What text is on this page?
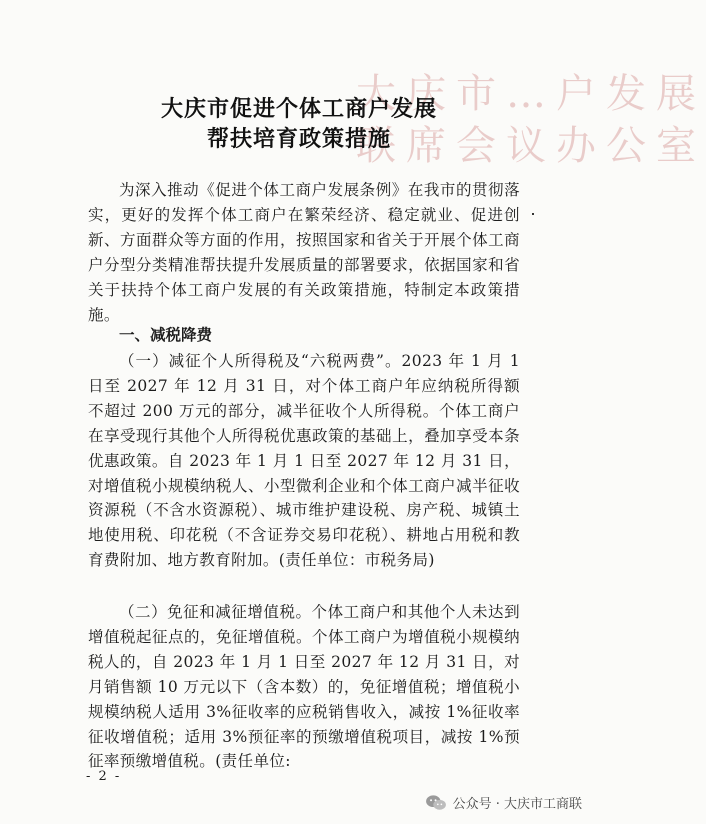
大庆市…户发展
联席会议办公室
大庆市促进个体工商户发展
帮扶培育政策措施

为深入推动《促进个体工商户发展条例》在我市的贯彻落实，更好的发挥个体工商户在繁荣经济、稳定就业、促进创新、方面群众等方面的作用，按照国家和省关于开展个体工商户分型分类精准帮扶提升发展质量的部署要求，依据国家和省关于扶持个体工商户发展的有关政策措施，特制定本政策措施。

一、减税降费

（一）减征个人所得税及“六税两费”。2023 年 1 月 1 日至 2027 年 12 月 31 日，对个体工商户年应纳税所得额不超过 200 万元的部分，减半征收个人所得税。个体工商户在享受现行其他个人所得税优惠政策的基础上，叠加享受本条优惠政策。自 2023 年 1 月 1 日至 2027 年 12 月 31 日，对增值税小规模纳税人、小型微利企业和个体工商户减半征收资源税（不含水资源税）、城市维护建设税、房产税、城镇土地使用税、印花税（不含证券交易印花税）、耕地占用税和教育费附加、地方教育附加。(责任单位：市税务局)

（二）免征和减征增值税。个体工商户和其他个人未达到增值税起征点的，免征增值税。个体工商户为增值税小规模纳税人的，自 2023 年 1 月 1 日至 2027 年 12 月 31 日，对月销售额 10 万元以下（含本数）的，免征增值税；增值税小规模纳税人适用 3%征收率的应税销售收入，减按 1%征收率征收增值税；适用 3%预征率的预缴增值税项目，减按 1%预征率预缴增值税。(责任单位:

- 2 -

公众号 · 大庆市工商联
